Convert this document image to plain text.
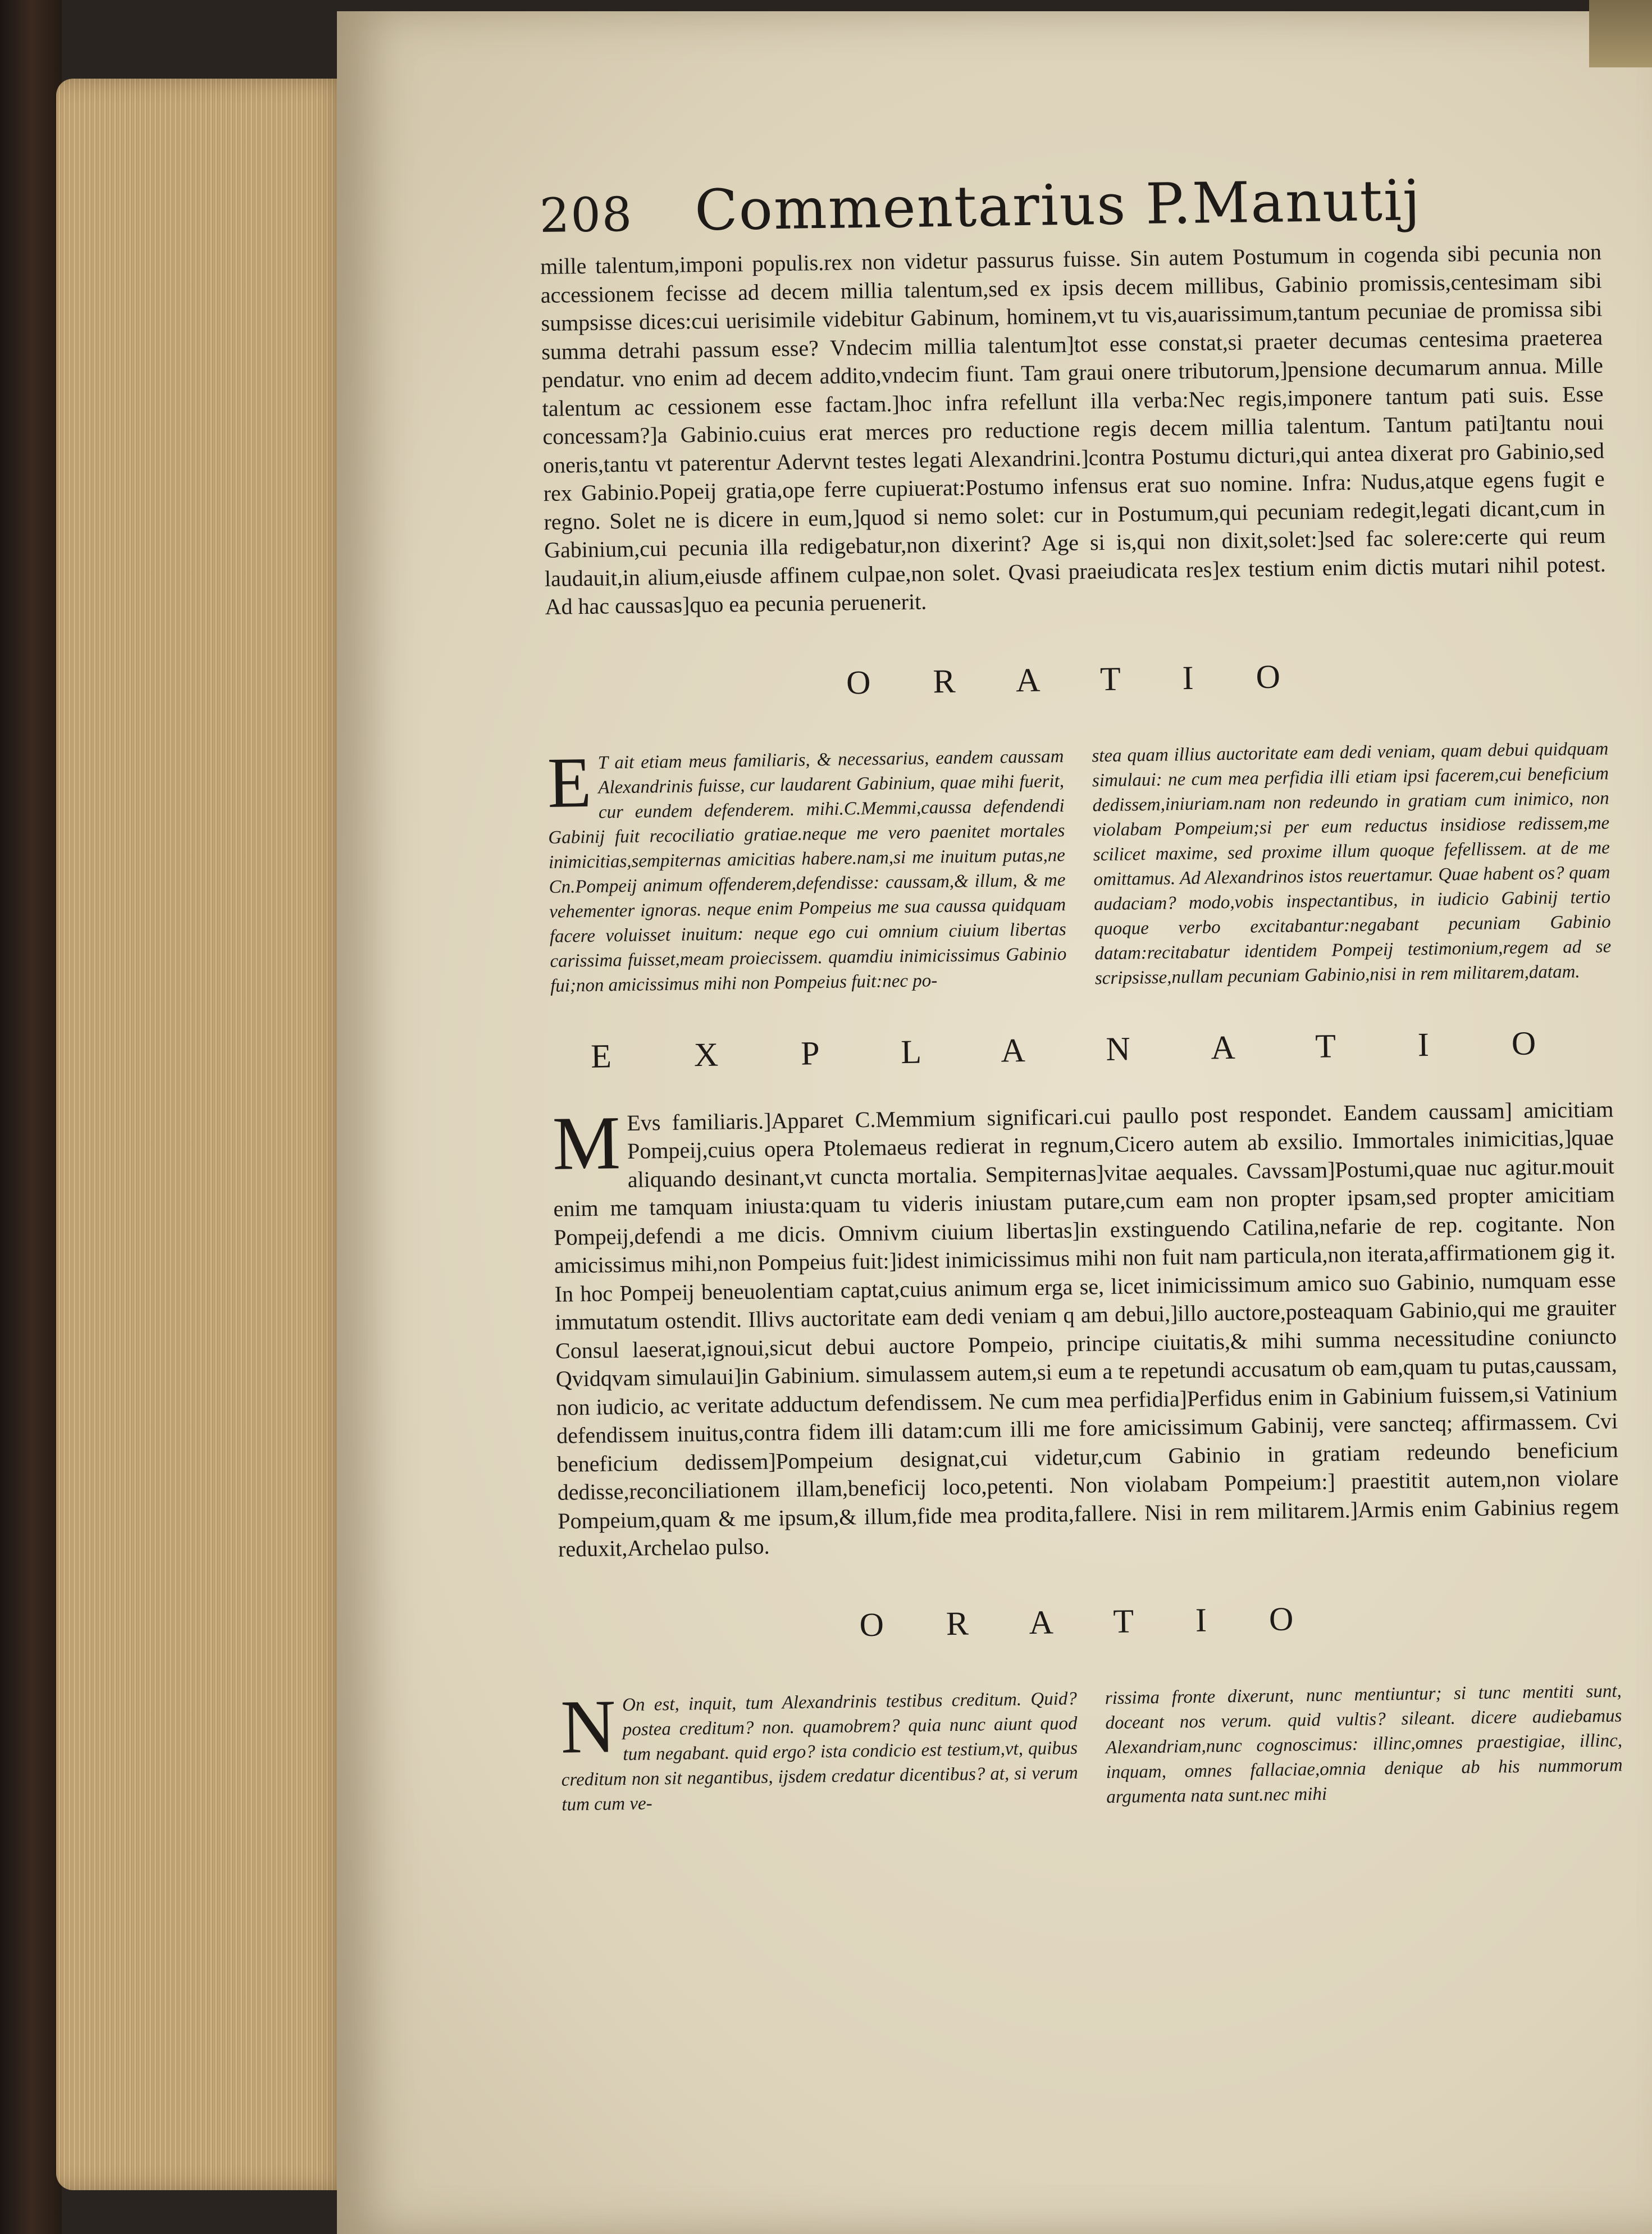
208 Commentarius P.Manutij

mille talentum,imponi populis.rex non videtur passurus fuisse. Sin autem Postumum in cogenda sibi pecunia non accessionem fecisse ad decem millia talentum,sed ex ipsis decem millibus, Gabinio promissis,centesimam sibi sumpsisse dices:cui uerisimile videbitur Gabinum, hominem,vt tu vis,auarissimum,tantum pecuniae de promissa sibi summa detrahi passum esse? Vndecim millia talentum]tot esse constat,si praeter decumas centesima praeterea pendatur. vno enim ad decem addito,vndecim fiunt. Tam graui onere tributorum,]pensione decumarum annua. Mille talentum ac cessionem esse factam.]hoc infra refellunt illa verba:Nec regis,imponere tantum pati suis. Esse concessam?]a Gabinio.cuius erat merces pro reductione regis decem millia talentum. Tantum pati]tantu noui oneris,tantu vt paterentur Adervnt testes legati Alexandrini.]contra Postumu dicturi,qui antea dixerat pro Gabinio,sed rex Gabinio.Popeij gratia,ope ferre cupiuerat:Postumo infensus erat suo nomine. Infra: Nudus,atque egens fugit e regno. Solet ne is dicere in eum,]quod si nemo solet: cur in Postumum,qui pecuniam redegit,legati dicant,cum in Gabinium,cui pecunia illa redigebatur,non dixerint? Age si is,qui non dixit,solet:]sed fac solere:certe qui reum laudauit,in alium,eiusde affinem culpae,non solet. Qvasi praeiudicata res]ex testium enim dictis mutari nihil potest. Ad hac caussas]quo ea pecunia peruenerit.

O R A T I O

E T ait etiam meus familiaris, & necessarius, eandem caussam Alexandrinis fuisse, cur laudarent Gabinium, quae mihi fuerit, cur eundem defenderem. mihi.C.Memmi,caussa defendendi Gabinij fuit recociliatio gratiae.neque me vero paenitet mortales inimicitias,sempiternas amicitias habere.nam,si me inuitum putas,ne Cn.Pompeij animum offenderem,defendisse: caussam,& illum, & me vehementer ignoras. neque enim Pompeius me sua caussa quidquam facere voluisset inuitum: neque ego cui omnium ciuium libertas carissima fuisset,meam proiecissem. quamdiu inimicissimus Gabinio fui;non amicissimus mihi non Pompeius fuit:nec po-

stea quam illius auctoritate eam dedi veniam, quam debui quidquam simulaui: ne cum mea perfidia illi etiam ipsi facerem,cui beneficium dedissem,iniuriam.nam non redeundo in gratiam cum inimico, non violabam Pompeium;si per eum reductus insidiose redissem,me scilicet maxime, sed proxime illum quoque fefellissem. at de me omittamus. Ad Alexandrinos istos reuertamur. Quae habent os? quam audaciam? modo,vobis inspectantibus, in iudicio Gabinij tertio quoque verbo excitabantur:negabant pecuniam Gabinio datam:recitabatur identidem Pompeij testimonium,regem ad se scripsisse,nullam pecuniam Gabinio,nisi in rem militarem,datam.

E X P L A N A T I O

M Evs familiaris.]Apparet C.Memmium significari.cui paullo post respondet. Eandem caussam] amicitiam Pompeij,cuius opera Ptolemaeus redierat in regnum,Cicero autem ab exsilio. Immortales inimicitias,]quae aliquando desinant,vt cuncta mortalia. Sempiternas]vitae aequales. Cavssam]Postumi,quae nuc agitur.mouit enim me tamquam iniusta:quam tu videris iniustam putare,cum eam non propter ipsam,sed propter amicitiam Pompeij,defendi a me dicis. Omnivm ciuium libertas]in exstinguendo Catilina,nefarie de rep. cogitante. Non amicissimus mihi,non Pompeius fuit:]idest inimicissimus mihi non fuit nam particula,non iterata,affirmationem gig it. In hoc Pompeij beneuolentiam captat,cuius animum erga se, licet inimicissimum amico suo Gabinio, numquam esse immutatum ostendit. Illivs auctoritate eam dedi veniam q am debui,]illo auctore,posteaquam Gabinio,qui me grauiter Consul laeserat,ignoui,sicut debui auctore Pompeio, principe ciuitatis,& mihi summa necessitudine coniuncto Qvidqvam simulaui]in Gabinium. simulassem autem,si eum a te repetundi accusatum ob eam,quam tu putas,caussam, non iudicio, ac veritate adductum defendissem. Ne cum mea perfidia]Perfidus enim in Gabinium fuissem,si Vatinium defendissem inuitus,contra fidem illi datam:cum illi me fore amicissimum Gabinij, vere sancteq; affirmassem. Cvi beneficium dedissem]Pompeium designat,cui videtur,cum Gabinio in gratiam redeundo beneficium dedisse,reconciliationem illam,beneficij loco,petenti. Non violabam Pompeium:] praestitit autem,non violare Pompeium,quam & me ipsum,& illum,fide mea prodita,fallere. Nisi in rem militarem.]Armis enim Gabinius regem reduxit,Archelao pulso.

O R A T I O

N On est, inquit, tum Alexandrinis testibus creditum. Quid? postea creditum? non. quamobrem? quia nunc aiunt quod tum negabant. quid ergo? ista condicio est testium,vt, quibus creditum non sit negantibus, ijsdem credatur dicentibus? at, si verum tum cum ve-

rissima fronte dixerunt, nunc mentiuntur; si tunc mentiti sunt, doceant nos verum. quid vultis? sileant. dicere audiebamus Alexandriam,nunc cognoscimus: illinc,omnes praestigiae, illinc, inquam, omnes fallaciae,omnia denique ab his nummorum argumenta nata sunt.nec mihi
